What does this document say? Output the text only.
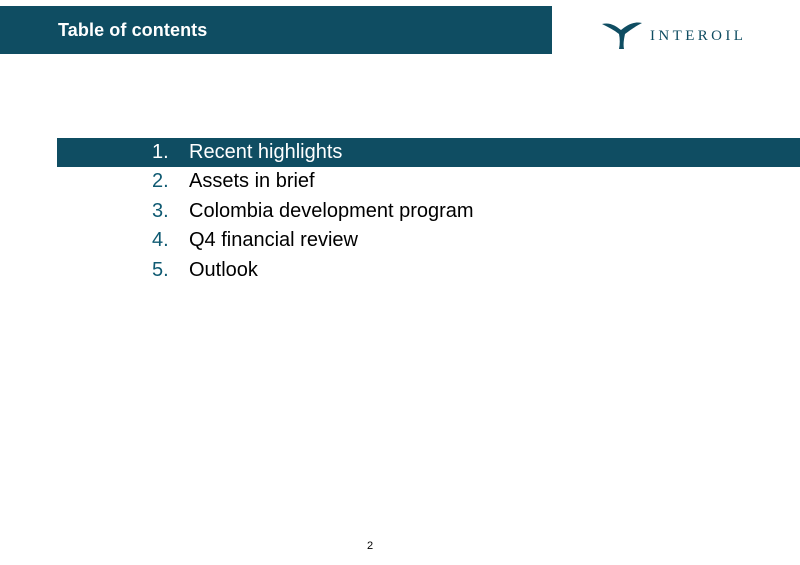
Table of contents	INTEROIL
1.	Recent highlights
2.	Assets in brief
3.	Colombia development program
4.	Q4 financial review
5.	Outlook
2
